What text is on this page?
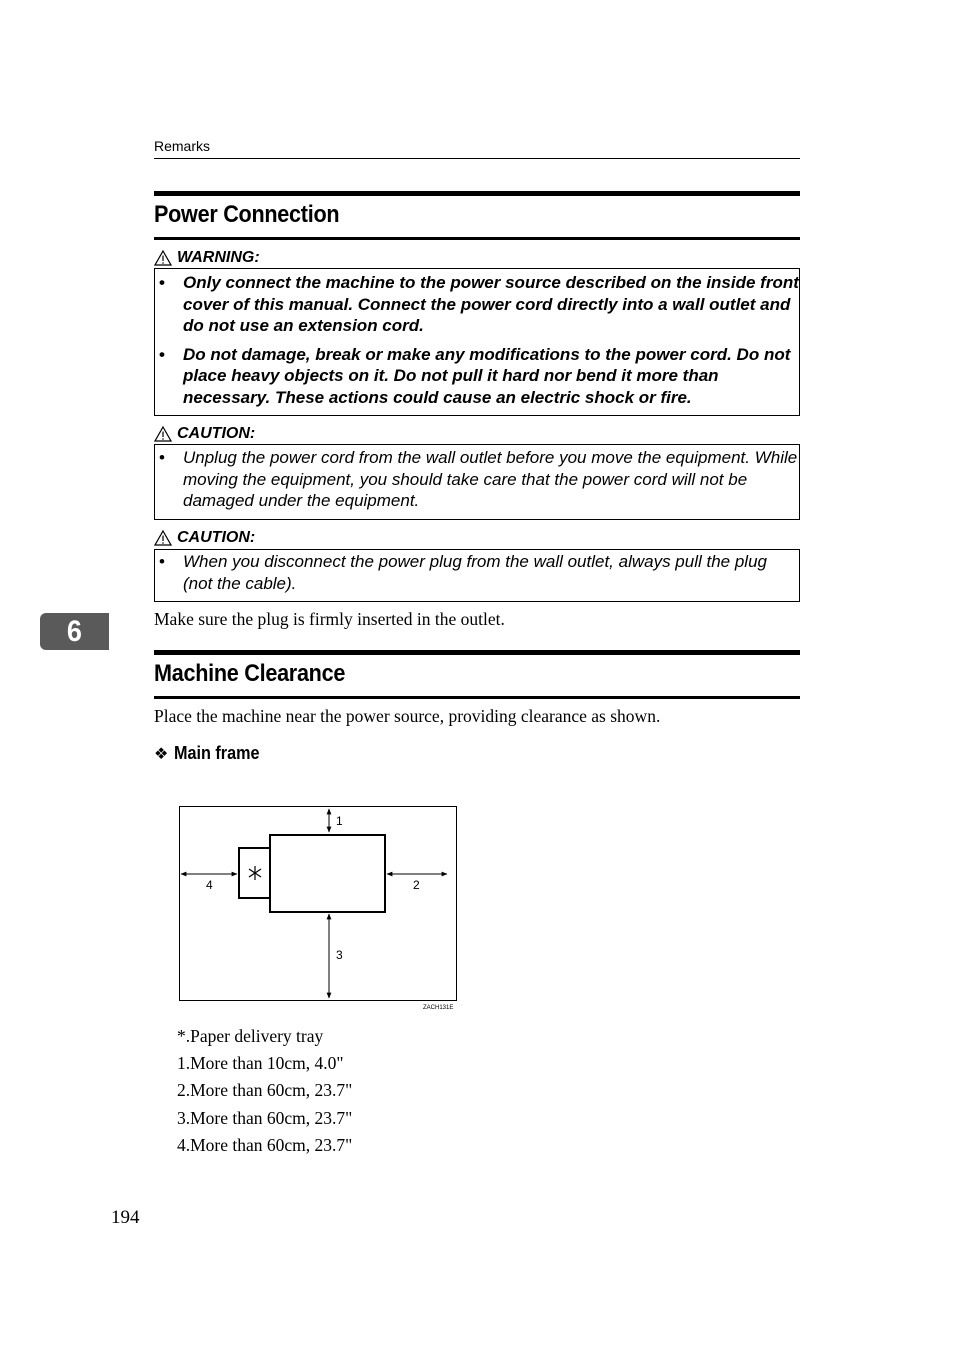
Remarks
Power Connection
WARNING:
• Only connect the machine to the power source described on the inside front cover of this manual. Connect the power cord directly into a wall outlet and do not use an extension cord.
• Do not damage, break or make any modifications to the power cord. Do not place heavy objects on it. Do not pull it hard nor bend it more than necessary. These actions could cause an electric shock or fire.
CAUTION:
• Unplug the power cord from the wall outlet before you move the equipment. While moving the equipment, you should take care that the power cord will not be damaged under the equipment.
CAUTION:
• When you disconnect the power plug from the wall outlet, always pull the plug (not the cable).
Make sure the plug is firmly inserted in the outlet.
6
Machine Clearance
Place the machine near the power source, providing clearance as shown.
❖ Main frame
1
2
3
4
ZACH131E
*.Paper delivery tray
1.More than 10cm, 4.0"
2.More than 60cm, 23.7"
3.More than 60cm, 23.7"
4.More than 60cm, 23.7"
194
